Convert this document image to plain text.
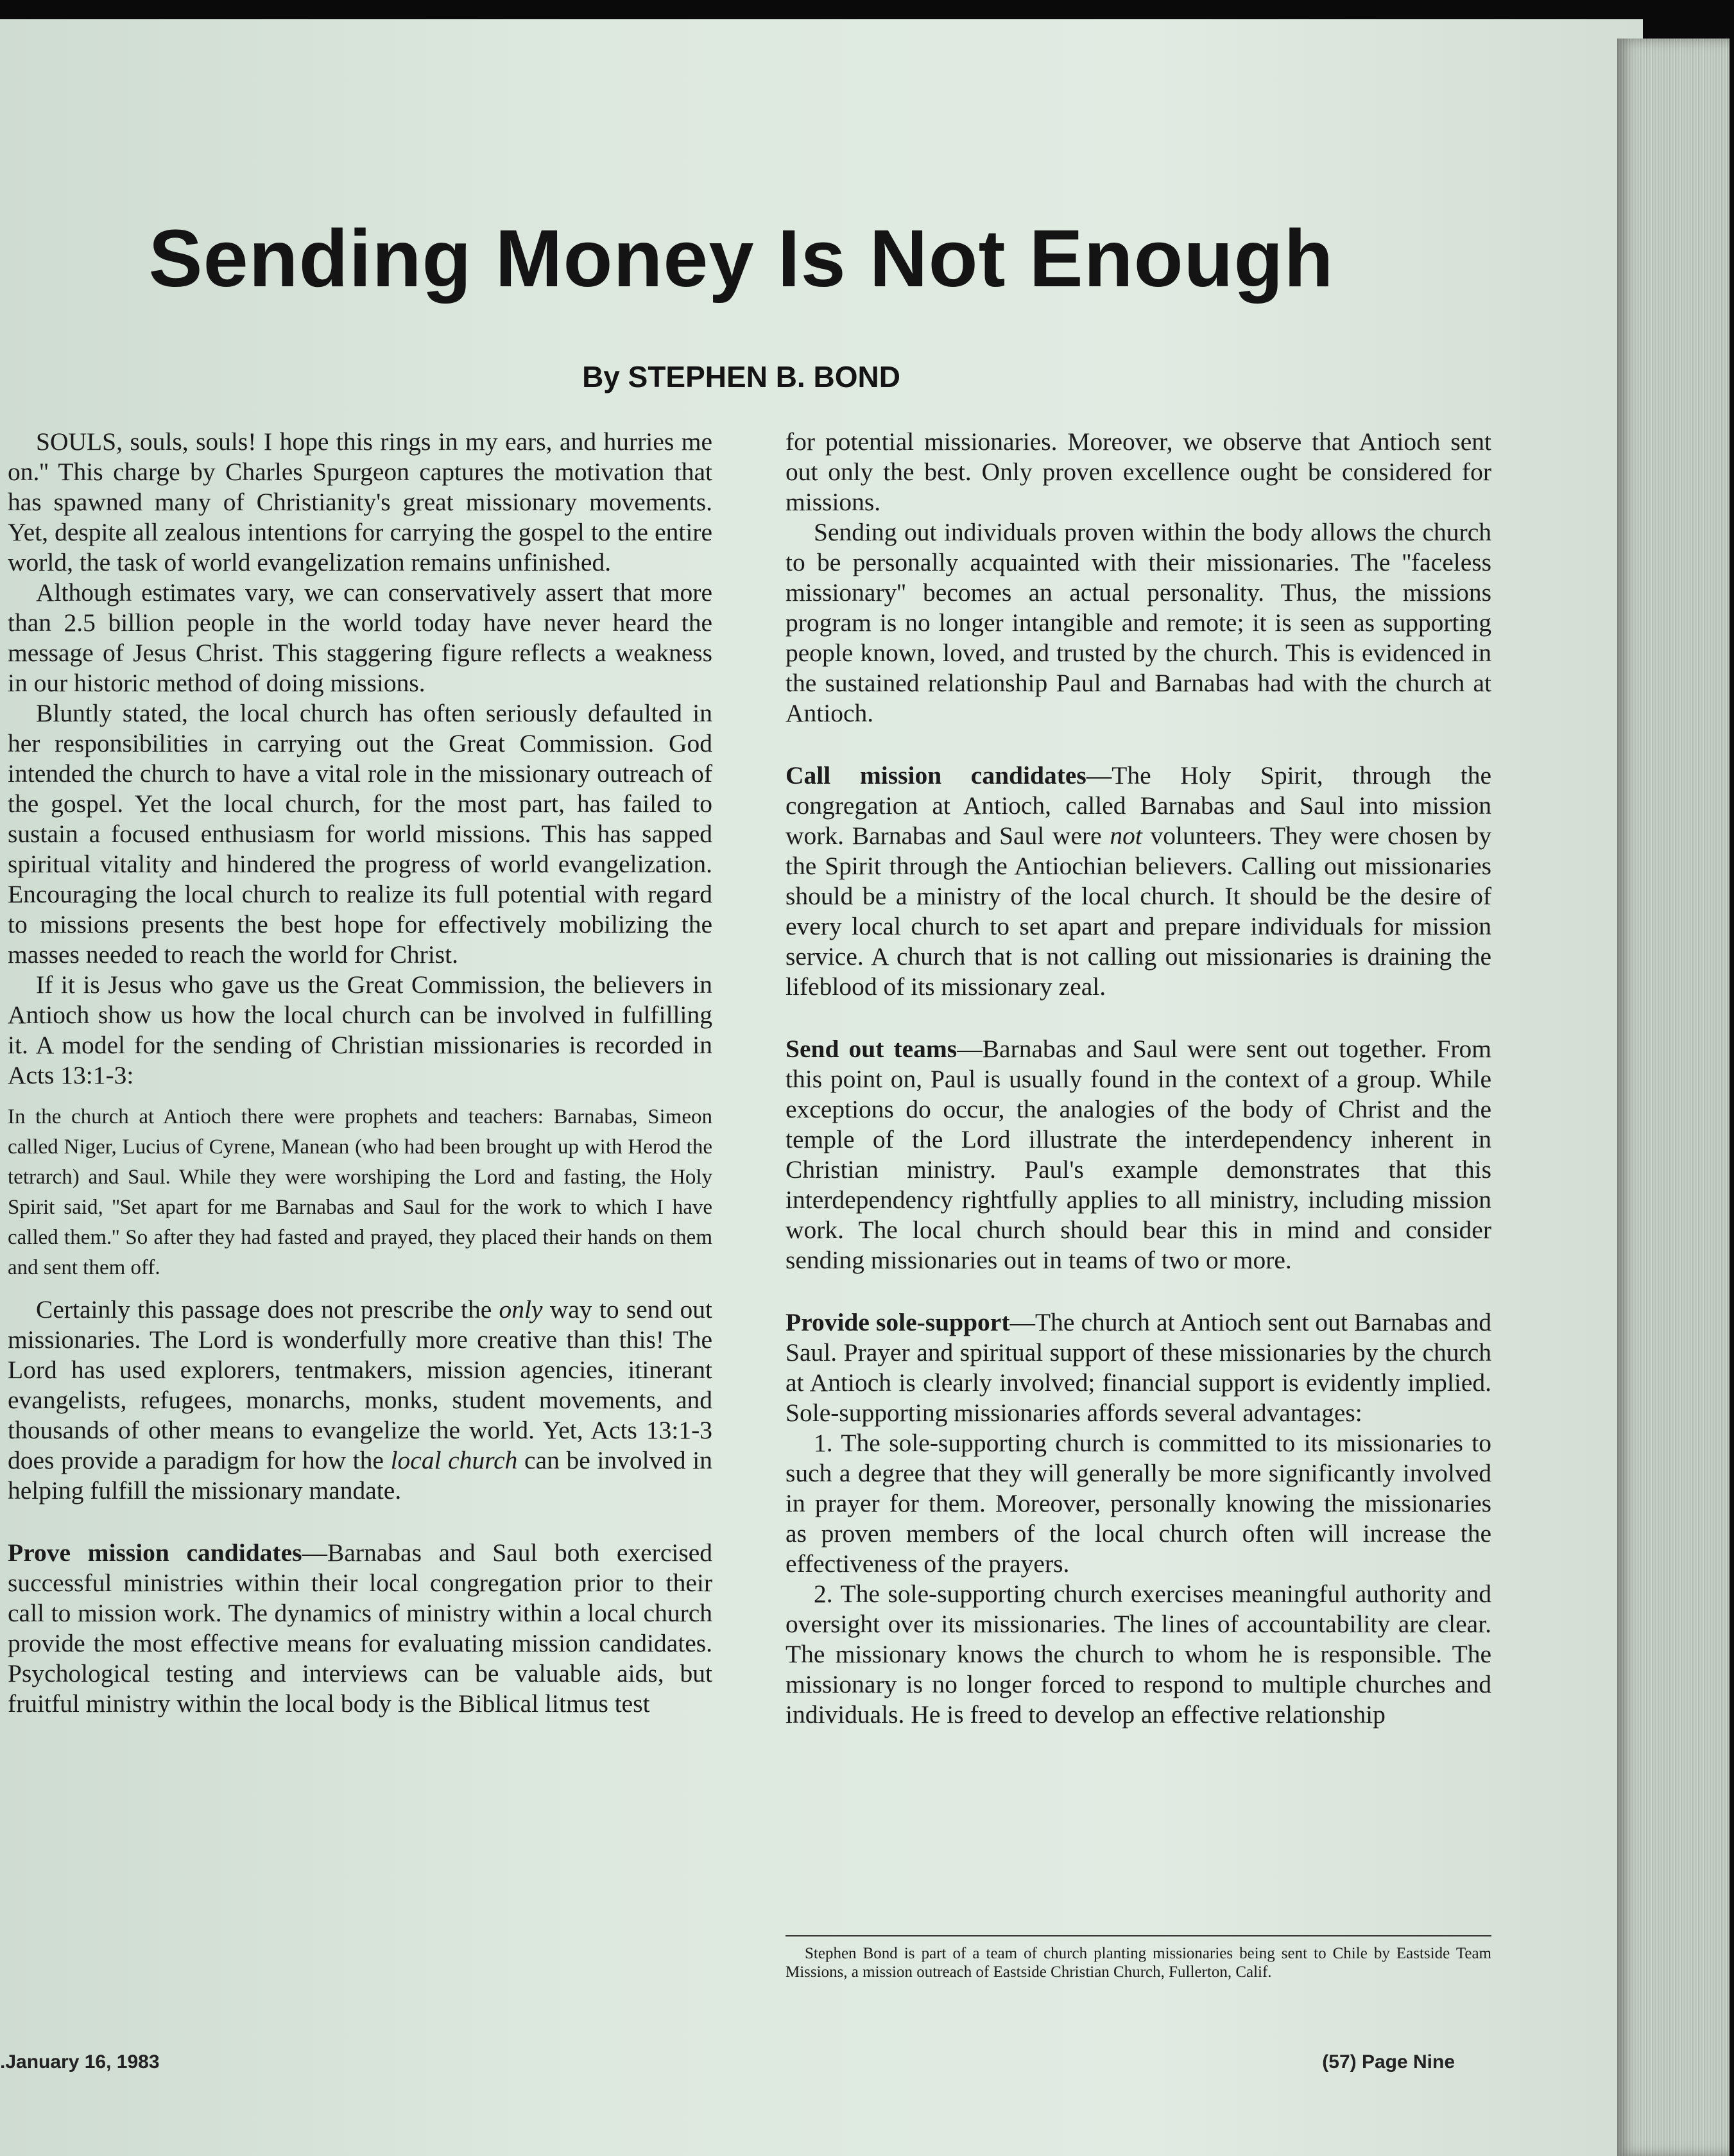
Sending Money Is Not Enough
By STEPHEN B. BOND

SOULS, souls, souls! I hope this rings in my ears, and hurries me on.'' This charge by Charles Spurgeon captures the motivation that has spawned many of Christianity's great missionary movements. Yet, despite all zealous intentions for carrying the gospel to the entire world, the task of world evangelization remains unfinished.

Although estimates vary, we can conservatively assert that more than 2.5 billion people in the world today have never heard the message of Jesus Christ. This staggering figure reflects a weakness in our historic method of doing missions.

Bluntly stated, the local church has often seriously defaulted in her responsibilities in carrying out the Great Commission. God intended the church to have a vital role in the missionary outreach of the gospel. Yet the local church, for the most part, has failed to sustain a focused enthusiasm for world missions. This has sapped spiritual vitality and hindered the progress of world evangelization. Encouraging the local church to realize its full potential with regard to missions presents the best hope for effectively mobilizing the masses needed to reach the world for Christ.

If it is Jesus who gave us the Great Commission, the believers in Antioch show us how the local church can be involved in fulfilling it. A model for the sending of Christian missionaries is recorded in Acts 13:1-3:

In the church at Antioch there were prophets and teachers: Barnabas, Simeon called Niger, Lucius of Cyrene, Manean (who had been brought up with Herod the tetrarch) and Saul. While they were worshiping the Lord and fasting, the Holy Spirit said, ''Set apart for me Barnabas and Saul for the work to which I have called them.'' So after they had fasted and prayed, they placed their hands on them and sent them off.

Certainly this passage does not prescribe the only way to send out missionaries. The Lord is wonderfully more creative than this! The Lord has used explorers, tentmakers, mission agencies, itinerant evangelists, refugees, monarchs, monks, student movements, and thousands of other means to evangelize the world. Yet, Acts 13:1-3 does provide a paradigm for how the local church can be involved in helping fulfill the missionary mandate.

Prove mission candidates—Barnabas and Saul both exercised successful ministries within their local congregation prior to their call to mission work. The dynamics of ministry within a local church provide the most effective means for evaluating mission candidates. Psychological testing and interviews can be valuable aids, but fruitful ministry within the local body is the Biblical litmus test

for potential missionaries. Moreover, we observe that Antioch sent out only the best. Only proven excellence ought be considered for missions.

Sending out individuals proven within the body allows the church to be personally acquainted with their missionaries. The ''faceless missionary'' becomes an actual personality. Thus, the missions program is no longer intangible and remote; it is seen as supporting people known, loved, and trusted by the church. This is evidenced in the sustained relationship Paul and Barnabas had with the church at Antioch.

Call mission candidates—The Holy Spirit, through the congregation at Antioch, called Barnabas and Saul into mission work. Barnabas and Saul were not volunteers. They were chosen by the Spirit through the Antiochian believers. Calling out missionaries should be a ministry of the local church. It should be the desire of every local church to set apart and prepare individuals for mission service. A church that is not calling out missionaries is draining the lifeblood of its missionary zeal.

Send out teams—Barnabas and Saul were sent out together. From this point on, Paul is usually found in the context of a group. While exceptions do occur, the analogies of the body of Christ and the temple of the Lord illustrate the interdependency inherent in Christian ministry. Paul's example demonstrates that this interdependency rightfully applies to all ministry, including mission work. The local church should bear this in mind and consider sending missionaries out in teams of two or more.

Provide sole-support—The church at Antioch sent out Barnabas and Saul. Prayer and spiritual support of these missionaries by the church at Antioch is clearly involved; financial support is evidently implied. Sole-supporting missionaries affords several advantages:

1. The sole-supporting church is committed to its missionaries to such a degree that they will generally be more significantly involved in prayer for them. Moreover, personally knowing the missionaries as proven members of the local church often will increase the effectiveness of the prayers.

2. The sole-supporting church exercises meaningful authority and oversight over its missionaries. The lines of accountability are clear. The missionary knows the church to whom he is responsible. The missionary is no longer forced to respond to multiple churches and individuals. He is freed to develop an effective relationship

Stephen Bond is part of a team of church planting missionaries being sent to Chile by Eastside Team Missions, a mission outreach of Eastside Christian Church, Fullerton, Calif.

.January 16, 1983	(57) Page Nine
